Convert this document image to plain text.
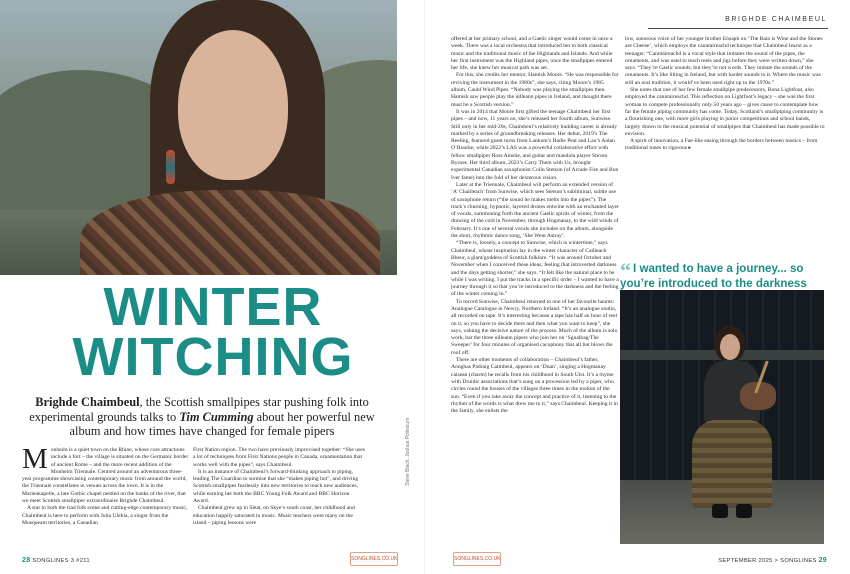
Steve Black, Joshua Poilesium
WINTER
WITCHING
Brighde Chaimbeul, the Scottish smallpipes star pushing folk into experimental grounds talks to Tim Cumming about her powerful new album and how times have changed for female pipers

Monheim is a quiet town on the Rhine, whose core attractions include a fort – the village is situated on the Germanic border of ancient Rome – and the more recent addition of the Monheim Triennale. Centred around an adventurous three-year programme showcasing contemporary music from around the world, the Triennale constellates in venues across the town. It is in the Marienkapelle, a late Gothic chapel nestled on the banks of the river, that we meet Scottish smallpiper extraordinaire Brighde Chaimbeul.

A star in both the trad folk scene and cutting-edge contemporary music, Chaimbeul is here to perform with Julia Ulehla, a singer from the Musqueam territories, a Canadian

First Nation region. The two have previously improvised together: “She uses a lot of techniques from First Nations people in Canada, ornamentation that works well with the pipes”, says Chaimbeul.

It is an instance of Chaimbeul’s forward-thinking approach to piping, leading The Guardian to surmise that she “makes piping hot”, and driving Scottish smallpipes fearlessly into new territories to reach new audiences, while earning her both the BBC Young Folk Award and BBC Horizon Award.

Chaimbeul grew up in Sleat, on Skye’s south coast, her childhood and education happily saturated in music. Music teachers were many on the island – piping lessons were

28 SONGLINES 3 #211	SONGLINES.CO.UK
BRIGHDE CHAIMBEUL

offered at her primary school, and a Gaelic singer would come in once a week. There was a local orchestra that introduced her to both classical music and the traditional music of the Highlands and Islands. And while her first instrument was the Highland pipes, once the smallpipes entered her life, she knew her musical path was set.

For this, she credits her mentor, Hamish Moore. “He was responsible for reviving the instrument in the 1980s”, she says, citing Moore’s 1985 album, Cauld Wind Pipes. “Nobody was playing the smallpipes then. Hamish saw people play the uilleann pipes in Ireland, and thought there must be a Scottish version.”

It was in 2014 that Moore first gifted the teenage Chaimbeul her first pipes – and now, 11 years on, she’s released her fourth album, Sunwise. Still only in her mid-20s, Chaimbeul’s relatively budding career is already marked by a series of groundbreaking releases. Her debut, 2019’s The Reeling, featured guest turns from Lankum’s Radie Peat and Lau’s Aidan O’Rourke, while 2022’s LAS was a powerful collaborative effort with fellow smallpiper Ross Ainslie, and guitar and mandola player Steven Byrnes. Her third album, 2023’s Carry Them with Us, brought experimental Canadian saxophonist Colin Stetson (of Arcade Fire and Bon Iver fame) into the fold of her dexterous vision.

Later at the Triennale, Chaimbeul will perform an extended version of ‘A’ Chailleach’ from Sunwise, which sees Stetson’s subliminal, subtle use of saxophone return (“the sound he makes melts into the pipes”). The track’s churning, hypnotic, layered drones entwine with an enchanted layer of vocals, summoning forth the ancient Gaelic spirits of winter, from the drawing of the cold in November, through Hogmanay, to the wild winds of February. It’s one of several vocals she includes on the album, alongside the short, rhythmic dance song, ‘She Went Astray’.

“There is, loosely, a concept to Sunwise, which is wintertime,” says Chaimbeul, whose inspiration lay in the winter character of Cailleach Bheur, a giant/goddess of Scottish folklore. “It was around October and November when I conceived these ideas; feeling that introverted darkness and the days getting shorter,” she says. “It felt like the natural place to be while I was writing. I put the tracks in a specific order – I wanted to have a journey through it so that you’re introduced to the darkness and the feeling of the winter coming in.”

To record Sunwise, Chaimbeul returned to one of her favourite haunts: Analogue Catalogue in Newry, Northern Ireland. “It’s an analogue studio, all recorded on tape. It’s interesting because a tape has half an hour of reel on it, so you have to decide there and then what you want to keep”, she says, valuing the decisive nature of the process. Much of the album is solo work, bar the three uilleann pipers who join her on ‘Sgualbag/The Sweeper’ for four minutes of organised cacophony that all but blows the roof off.

There are other moments of collaboration – Chaimbeul’s father, Aonghas Pádraig Caimbeul, appears on ‘Duan’, singing a Hogmanay caisean (charm) he recalls from his childhood in South Uist. It’s a rhyme with Druidic associations that’s sung on a procession led by a piper, who circles round the houses of the villages three times in the motion of the sun. “Even if you take away the concept and practice of it, listening to the rhythm of the words is what drew me to it,” says Chaimbeul. Keeping it in the family, she enlists the

low, sonorous voice of her younger brother Eòsaph on ‘The Rain is Wine and the Stones are Cheese’, which employs the canntaireachd technique that Chaimbeul learnt as a teenager. “Canntaireachd is a vocal style that imitates the sound of the pipes, the ornaments, and was used to teach reels and jigs before they were written down,” she says. “They’re Gaelic sounds, but they’re not words. They imitate the sounds of the ornaments. It’s like lilting in Ireland, but with harder sounds to it. Where the music was still an oral tradition, it would’ve been used right up to the 1970s.”

She notes that one of her few female smallpipe predecessors, Rona Lightfoot, also employed the canntaireachd. This reflection on Lightfoot’s legacy – she was the first woman to compete professionally only 50 years ago – gives cause to contemplate how far the female piping community has come. Today, Scotland’s smallpiping community is a flourishing one, with more girls playing in junior competitions and school bands, largely drawn to the musical potential of smallpipes that Chaimbeul has made possible to envision.

A spirit of innovation, a Fae-like easing through the borders between musics – from traditional tunes to rigorous ▸

“ I wanted to have a journey... so you’re introduced to the darkness
SONGLINES.CO.UK	SEPTEMBER 2025 > SONGLINES 29
